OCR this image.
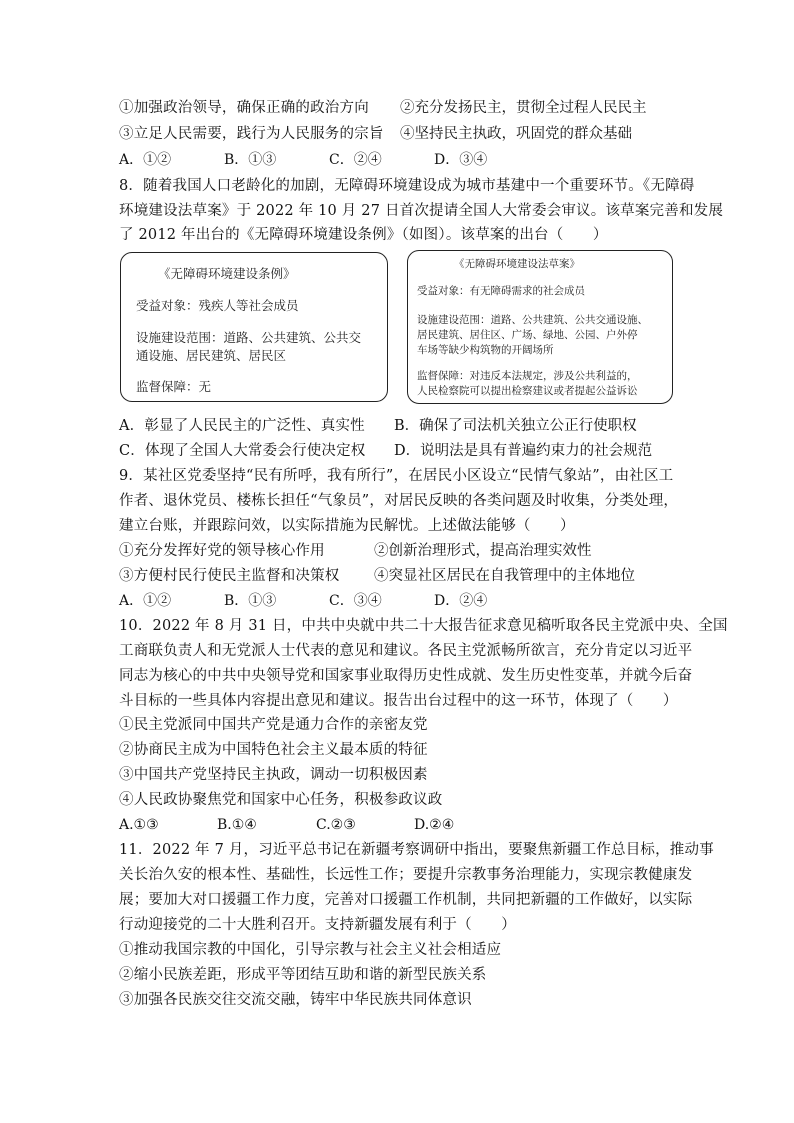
①加强政治领导，确保正确的政治方向 ②充分发扬民主，贯彻全过程人民民主
③立足人民需要，践行为人民服务的宗旨 ④坚持民主执政，巩固党的群众基础
A．①②	B．①③	C．②④	D．③④
8．随着我国人口老龄化的加剧，无障碍环境建设成为城市基建中一个重要环节。《无障碍
环境建设法草案》于 2022 年 10 月 27 日首次提请全国人大常委会审议。该草案完善和发展
了 2012 年出台的《无障碍环境建设条例》（如图）。该草案的出台（　　）
《无障碍环境建设条例》
受益对象：残疾人等社会成员
设施建设范围：道路、公共建筑、公共交
通设施、居民建筑、居民区
监督保障：无
《无障碍环境建设法草案》
受益对象：有无障碍需求的社会成员
设施建设范围：道路、公共建筑、公共交通设施、
居民建筑、居住区、广场、绿地、公园、户外停
车场等缺少构筑物的开阔场所
监督保障：对违反本法规定，涉及公共利益的，
人民检察院可以提出检察建议或者提起公益诉讼
A．彰显了人民民主的广泛性、真实性 B．确保了司法机关独立公正行使职权
C．体现了全国人大常委会行使决定权 D．说明法是具有普遍约束力的社会规范
9．某社区党委坚持“民有所呼，我有所行”，在居民小区设立“民情气象站”，由社区工
作者、退休党员、楼栋长担任“气象员”，对居民反映的各类问题及时收集，分类处理，
建立台账，并跟踪问效，以实际措施为民解忧。上述做法能够（　　）
①充分发挥好党的领导核心作用	②创新治理形式，提高治理实效性
③方便村民行使民主监督和决策权 ④突显社区居民在自我管理中的主体地位
A．①②	B．①③	C．③④	D．②④
10．2022 年 8 月 31 日，中共中央就中共二十大报告征求意见稿听取各民主党派中央、全国
工商联负责人和无党派人士代表的意见和建议。各民主党派畅所欲言，充分肯定以习近平
同志为核心的中共中央领导党和国家事业取得历史性成就、发生历史性变革，并就今后奋
斗目标的一些具体内容提出意见和建议。报告出台过程中的这一环节，体现了（　　）
①民主党派同中国共产党是通力合作的亲密友党
②协商民主成为中国特色社会主义最本质的特征
③中国共产党坚持民主执政，调动一切积极因素
④人民政协聚焦党和国家中心任务，积极参政议政
A.①③	B.①④	C.②③	D.②④
11．2022 年 7 月，习近平总书记在新疆考察调研中指出，要聚焦新疆工作总目标，推动事
关长治久安的根本性、基础性，长远性工作；要提升宗教事务治理能力，实现宗教健康发
展；要加大对口援疆工作力度，完善对口援疆工作机制，共同把新疆的工作做好，以实际
行动迎接党的二十大胜利召开。支持新疆发展有利于（　　）
①推动我国宗教的中国化，引导宗教与社会主义社会相适应
②缩小民族差距，形成平等团结互助和谐的新型民族关系
③加强各民族交往交流交融，铸牢中华民族共同体意识
